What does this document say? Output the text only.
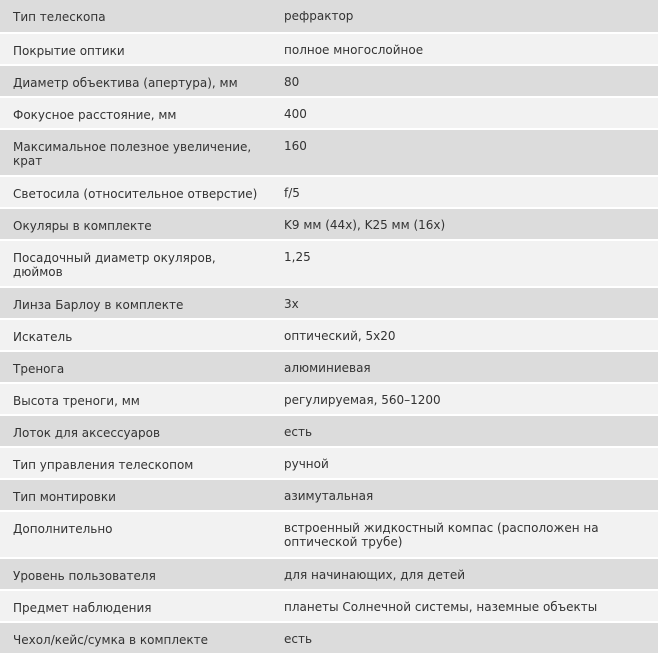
Тип телескопа	рефрактор
Покрытие оптики	полное многослойное
Диаметр объектива (апертура), мм	80
Фокусное расстояние, мм	400
Максимальное полезное увеличение, крат	160
Светосила (относительное отверстие)	f/5
Окуляры в комплекте	K9 мм (44x), K25 мм (16x)
Посадочный диаметр окуляров, дюймов	1,25
Линза Барлоу в комплекте	3x
Искатель	оптический, 5x20
Тренога	алюминиевая
Высота треноги, мм	регулируемая, 560–1200
Лоток для аксессуаров	есть
Тип управления телескопом	ручной
Тип монтировки	азимутальная
Дополнительно	встроенный жидкостный компас (расположен на оптической трубе)
Уровень пользователя	для начинающих, для детей
Предмет наблюдения	планеты Солнечной системы, наземные объекты
Чехол/кейс/сумка в комплекте	есть
